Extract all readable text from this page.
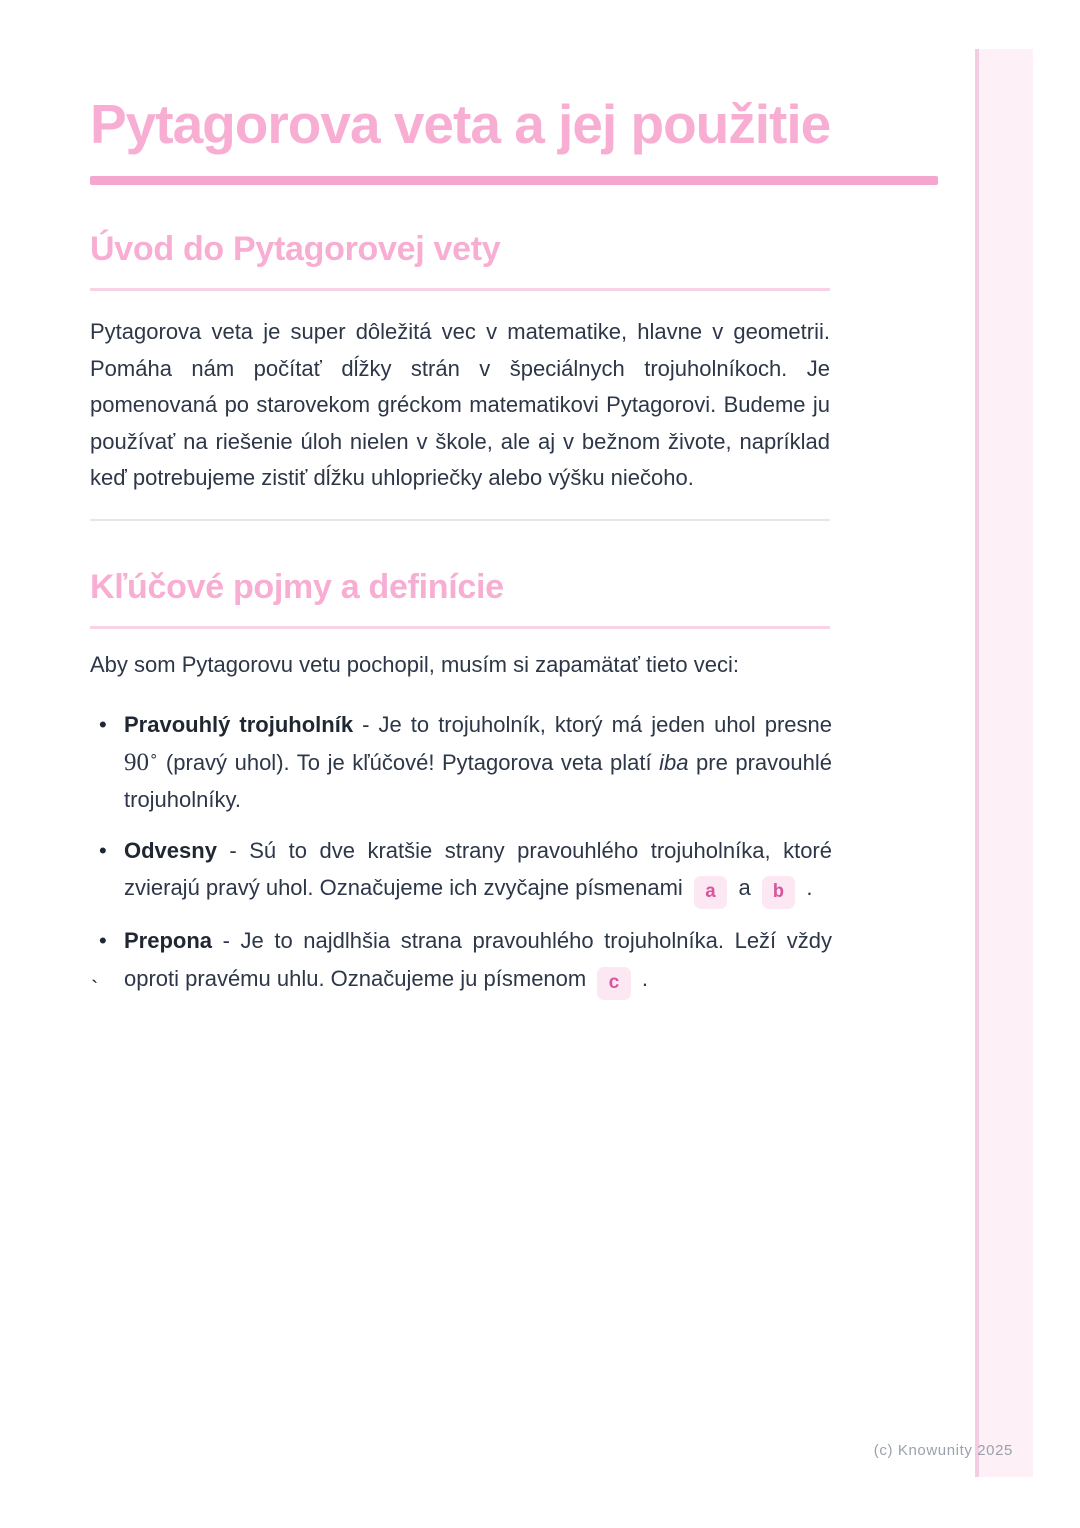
Pytagorova veta a jej použitie
Úvod do Pytagorovej vety

Pytagorova veta je super dôležitá vec v matematike, hlavne v geometrii. Pomáha nám počítať dĺžky strán v špeciálnych trojuholníkoch. Je pomenovaná po starovekom gréckom matematikovi Pytagorovi. Budeme ju používať na riešenie úloh nielen v škole, ale aj v bežnom živote, napríklad keď potrebujeme zistiť dĺžku uhlopriečky alebo výšku niečoho.

Kľúčové pojmy a definície

Aby som Pytagorovu vetu pochopil, musím si zapamätať tieto veci:

• Pravouhlý trojuholník - Je to trojuholník, ktorý má jeden uhol presne 90∘ (pravý uhol). To je kľúčové! Pytagorova veta platí iba pre pravouhlé trojuholníky.
• Odvesny - Sú to dve kratšie strany pravouhlého trojuholníka, ktoré zvierajú pravý uhol. Označujeme ich zvyčajne písmenami a a b .
• Prepona - Je to najdlhšia strana pravouhlého trojuholníka. Leží vždy oproti pravému uhlu. Označujeme ju písmenom c .
`
(c) Knowunity 2025
